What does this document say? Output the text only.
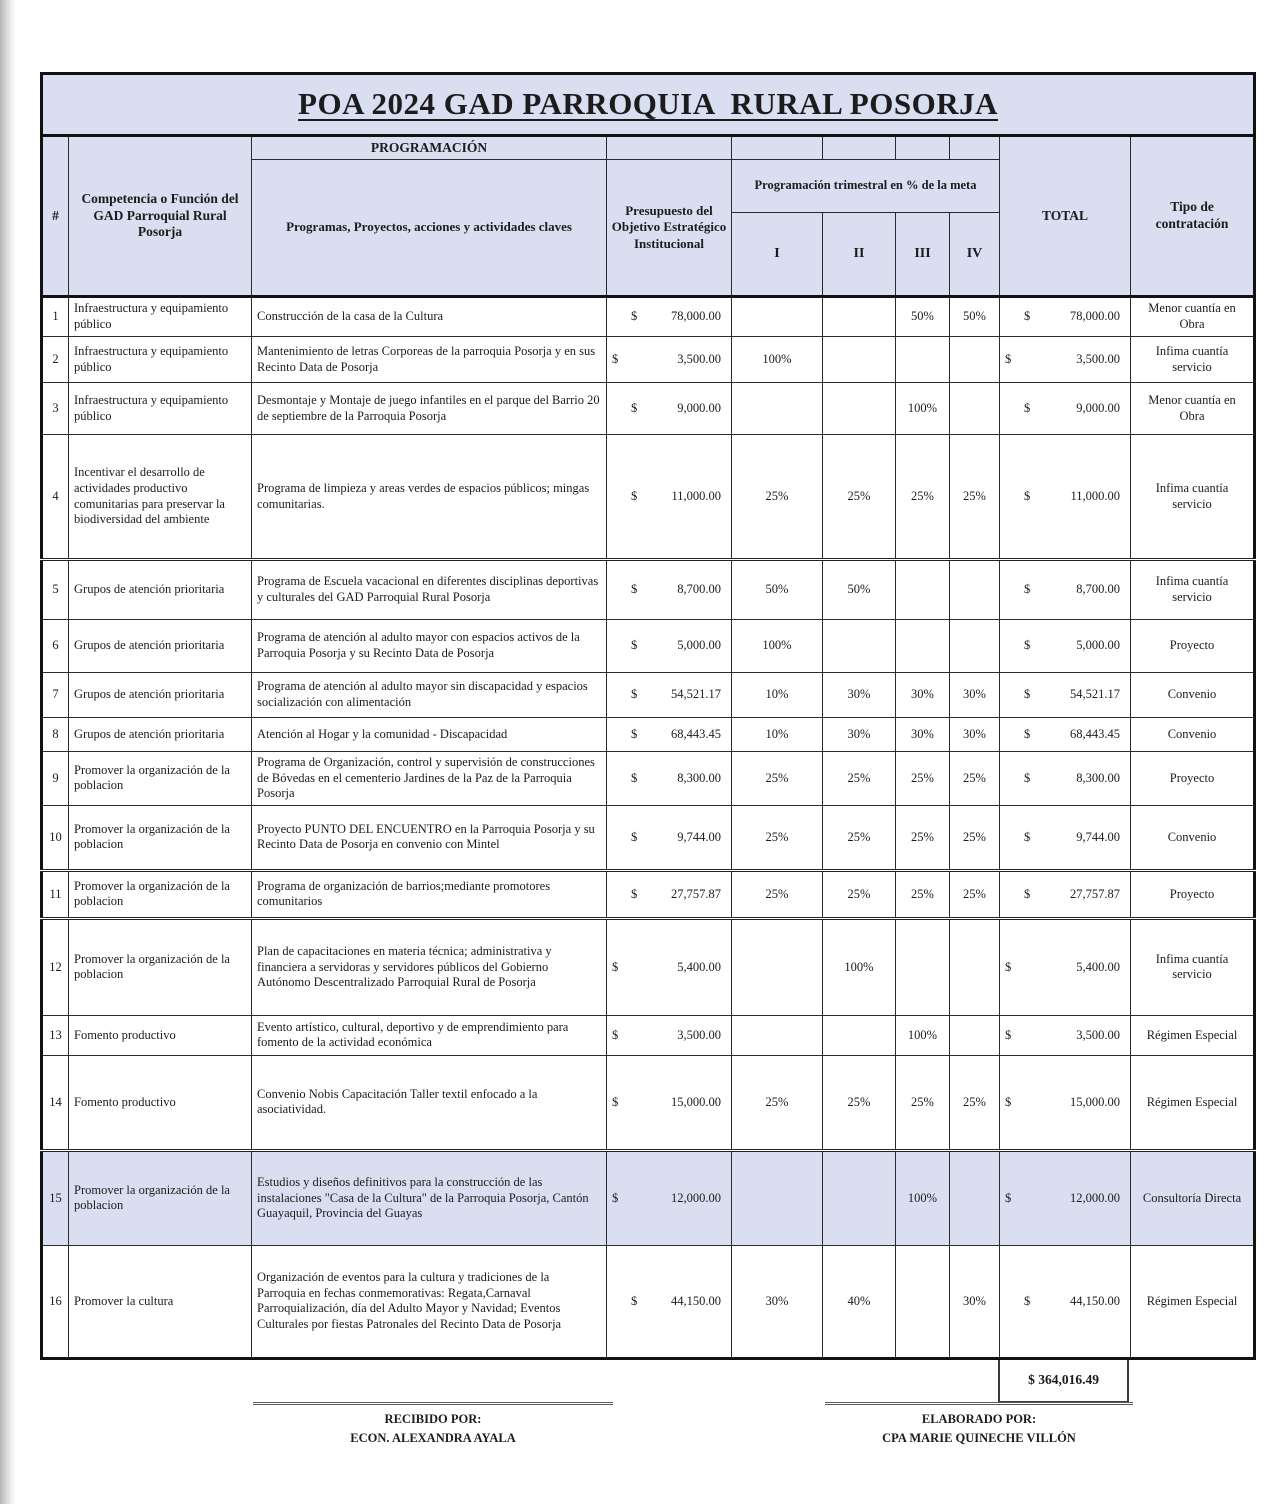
POA 2024 GAD PARROQUIA  RURAL POSORJA									
#	Competencia o Función del GAD Parroquial Rural Posorja	PROGRAMACIÓN						TOTAL	Tipo de contratación
		Programas, Proyectos, acciones y actividades claves	Presupuesto del Objetivo Estratégico Institucional	Programación trimestral en % de la meta					
				I	II	III	IV		
1	Infraestructura y equipamiento público	Construcción de la casa de la Cultura	$ 78,000.00			50%	50%	$ 78,000.00	Menor cuantía en Obra
2	Infraestructura y equipamiento público	Mantenimiento de letras Corporeas de la parroquia Posorja y en sus Recinto Data de Posorja	$ 3,500.00	100%				$ 3,500.00	Infima cuantía servicio
3	Infraestructura y equipamiento público	Desmontaje y Montaje de juego infantiles en el parque del Barrio 20 de septiembre de la Parroquia Posorja	$ 9,000.00			100%		$ 9,000.00	Menor cuantía en Obra
4	Incentivar el desarrollo de actividades productivo comunitarias para preservar la biodiversidad del ambiente	Programa de limpieza y areas verdes de espacios públicos; mingas comunitarias.	$ 11,000.00	25%	25%	25%	25%	$ 11,000.00	Infima cuantía servicio
5	Grupos de atención prioritaria	Programa de Escuela vacacional en diferentes disciplinas deportivas y culturales del GAD Parroquial Rural Posorja	$ 8,700.00	50%	50%			$ 8,700.00	Infima cuantía servicio
6	Grupos de atención prioritaria	Programa de atención al adulto mayor con espacios activos de la Parroquia Posorja y su Recinto Data de Posorja	$ 5,000.00	100%				$ 5,000.00	Proyecto
7	Grupos de atención prioritaria	Programa de atención al adulto mayor sin discapacidad y espacios socialización con alimentación	$ 54,521.17	10%	30%	30%	30%	$ 54,521.17	Convenio
8	Grupos de atención prioritaria	Atención al Hogar y la comunidad - Discapacidad	$ 68,443.45	10%	30%	30%	30%	$ 68,443.45	Convenio
9	Promover la organización de la poblacion	Programa de Organización, control y supervisión de construcciones de Bóvedas en el cementerio Jardines de la Paz de la Parroquia Posorja	$ 8,300.00	25%	25%	25%	25%	$ 8,300.00	Proyecto
10	Promover la organización de la poblacion	Proyecto PUNTO DEL ENCUENTRO en la Parroquia Posorja y su Recinto Data de Posorja en convenio con Mintel	$ 9,744.00	25%	25%	25%	25%	$ 9,744.00	Convenio
11	Promover la organización de la poblacion	Programa de organización de barrios;mediante promotores comunitarios	$ 27,757.87	25%	25%	25%	25%	$ 27,757.87	Proyecto
12	Promover la organización de la poblacion	Plan de capacitaciones en materia técnica; administrativa y financiera a servidoras y servidores públicos del Gobierno Autónomo Descentralizado Parroquial Rural de Posorja	$ 5,400.00		100%			$ 5,400.00	Infima cuantía servicio
13	Fomento productivo	Evento artístico, cultural, deportivo y de emprendimiento para fomento de la actividad económica	$ 3,500.00			100%		$ 3,500.00	Régimen Especial
14	Fomento productivo	Convenio Nobis Capacitación Taller textil enfocado a la asociatividad.	$ 15,000.00	25%	25%	25%	25%	$ 15,000.00	Régimen Especial
15	Promover la organización de la poblacion	Estudios y diseños definitivos para la construcción de las instalaciones "Casa de la Cultura" de la Parroquia Posorja, Cantón Guayaquil, Provincia del Guayas	$ 12,000.00			100%		$ 12,000.00	Consultoría Directa
16	Promover la cultura	Organización de eventos para la cultura y tradiciones de la Parroquia en fechas conmemorativas: Regata,Carnaval Parroquialización, día del Adulto Mayor y Navidad; Eventos Culturales por fiestas Patronales del Recinto Data de Posorja	$ 44,150.00	30%	40%		30%	$ 44,150.00	Régimen Especial
$ 364,016.49
RECIBIDO POR:
ECON. ALEXANDRA AYALA
ELABORADO POR:
CPA MARIE QUINECHE VILLÓN
